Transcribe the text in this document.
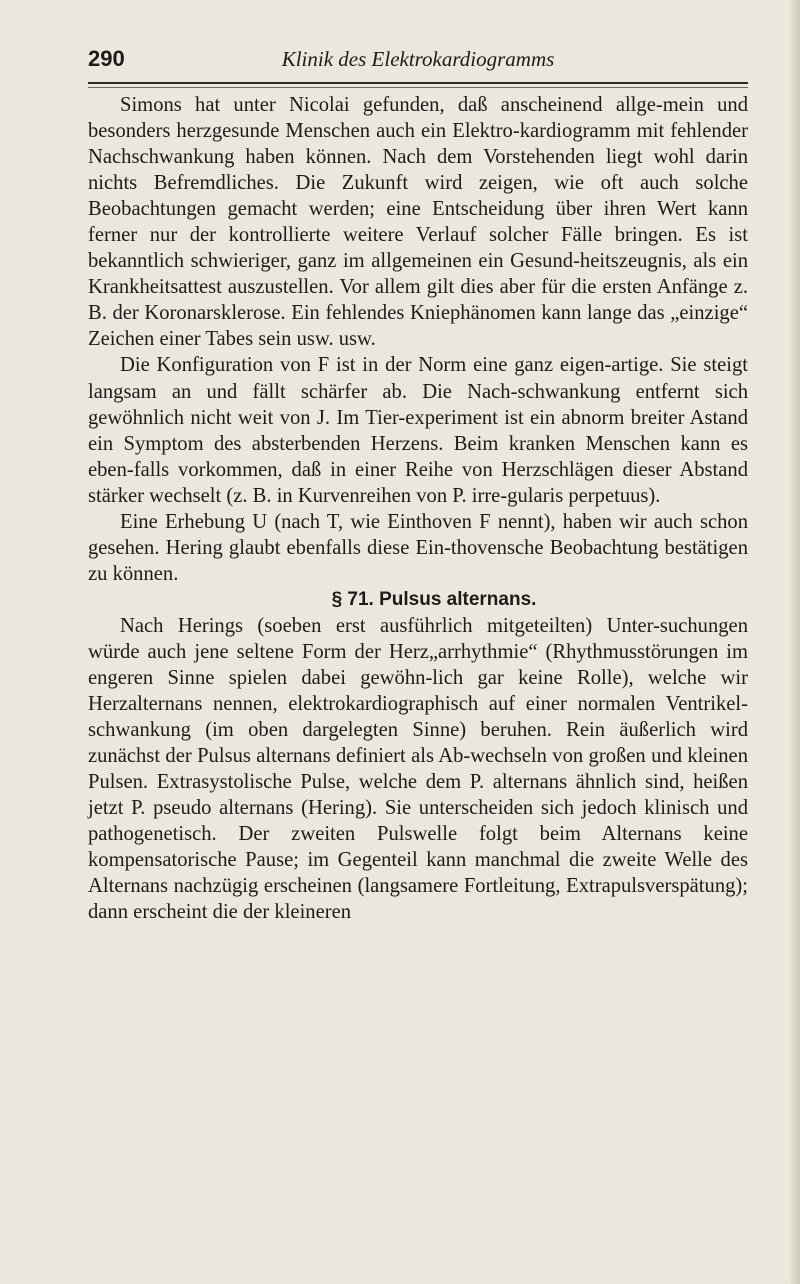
290	Klinik des Elektrokardiogramms

Simons hat unter Nicolai gefunden, daß anscheinend allge-mein und besonders herzgesunde Menschen auch ein Elektro-kardiogramm mit fehlender Nachschwankung haben können. Nach dem Vorstehenden liegt wohl darin nichts Befremdliches. Die Zukunft wird zeigen, wie oft auch solche Beobachtungen gemacht werden; eine Entscheidung über ihren Wert kann ferner nur der kontrollierte weitere Verlauf solcher Fälle bringen. Es ist bekanntlich schwieriger, ganz im allgemeinen ein Gesund-heitszeugnis, als ein Krankheitsattest auszustellen. Vor allem gilt dies aber für die ersten Anfänge z. B. der Koronarsklerose. Ein fehlendes Kniephänomen kann lange das „einzige“ Zeichen einer Tabes sein usw. usw.

Die Konfiguration von F ist in der Norm eine ganz eigen-artige. Sie steigt langsam an und fällt schärfer ab. Die Nach-schwankung entfernt sich gewöhnlich nicht weit von J. Im Tier-experiment ist ein abnorm breiter Astand ein Symptom des absterbenden Herzens. Beim kranken Menschen kann es eben-falls vorkommen, daß in einer Reihe von Herzschlägen dieser Abstand stärker wechselt (z. B. in Kurvenreihen von P. irre-gularis perpetuus).

Eine Erhebung U (nach T, wie Einthoven F nennt), haben wir auch schon gesehen. Hering glaubt ebenfalls diese Ein-thovensche Beobachtung bestätigen zu können.

§ 71. Pulsus alternans.

Nach Herings (soeben erst ausführlich mitgeteilten) Unter-suchungen würde auch jene seltene Form der Herz„arrhythmie“ (Rhythmusstörungen im engeren Sinne spielen dabei gewöhn-lich gar keine Rolle), welche wir Herzalternans nennen, elektrokardiographisch auf einer normalen Ventrikel-schwankung (im oben dargelegten Sinne) beruhen. Rein äußerlich wird zunächst der Pulsus alternans definiert als Ab-wechseln von großen und kleinen Pulsen. Extrasystolische Pulse, welche dem P. alternans ähnlich sind, heißen jetzt P. pseudo alternans (Hering). Sie unterscheiden sich jedoch klinisch und pathogenetisch. Der zweiten Pulswelle folgt beim Alternans keine kompensatorische Pause; im Gegenteil kann manchmal die zweite Welle des Alternans nachzügig erscheinen (langsamere Fortleitung, Extrapulsverspätung); dann erscheint die der kleineren
